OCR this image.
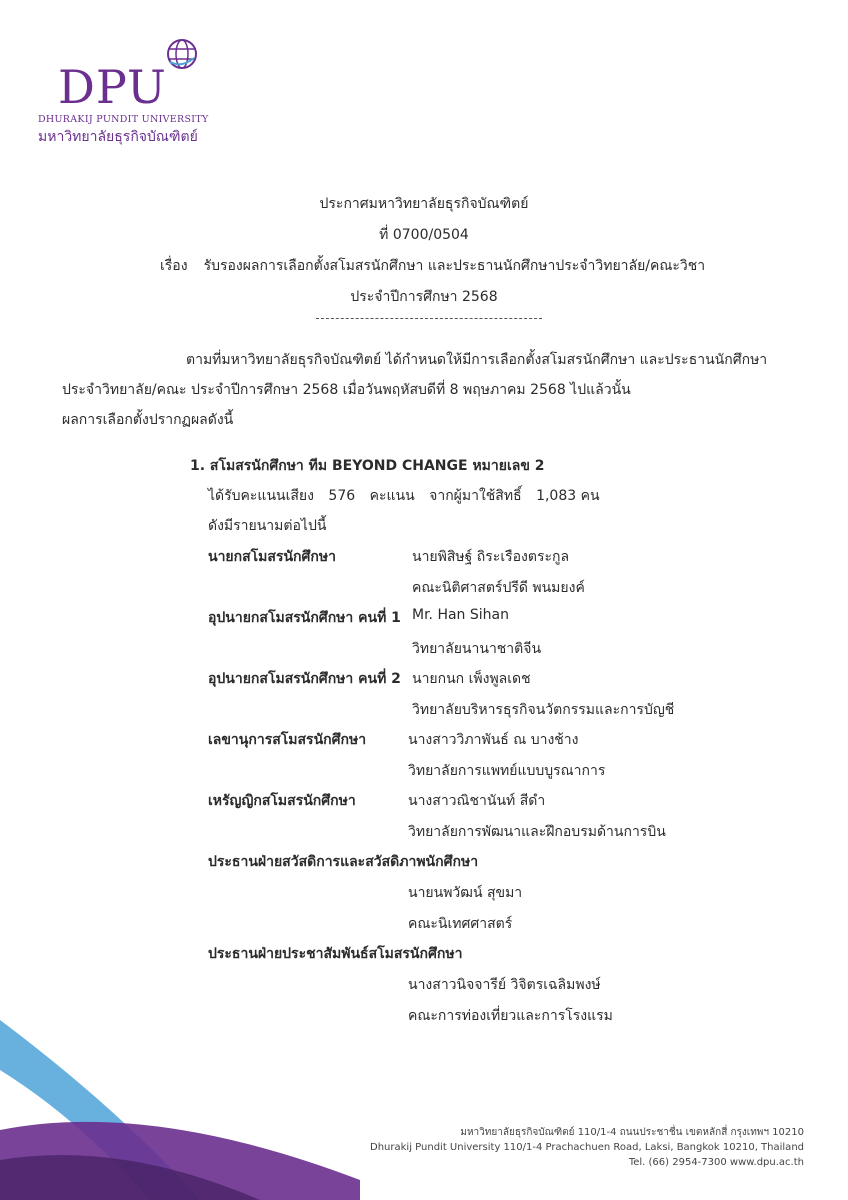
DPU
DHURAKIJ PUNDIT UNIVERSITY
มหาวิทยาลัยธุรกิจบัณฑิตย์
ประกาศมหาวิทยาลัยธุรกิจบัณฑิตย์
ที่ 0700/0504
เรื่อง รับรองผลการเลือกตั้งสโมสรนักศึกษา และประธานนักศึกษาประจำวิทยาลัย/คณะวิชา
ประจำปีการศึกษา 2568
ตามที่มหาวิทยาลัยธุรกิจบัณฑิตย์ ได้กำหนดให้มีการเลือกตั้งสโมสรนักศึกษา และประธานนักศึกษา
ประจำวิทยาลัย/คณะ ประจำปีการศึกษา 2568 เมื่อวันพฤหัสบดีที่ 8 พฤษภาคม 2568 ไปแล้วนั้น
ผลการเลือกตั้งปรากฏผลดังนี้
1. สโมสรนักศึกษา ทีม BEYOND CHANGE หมายเลข 2
ได้รับคะแนนเสียง 576 คะแนน จากผู้มาใช้สิทธิ์ 1,083 คน
ดังมีรายนามต่อไปนี้
นายกสโมสรนักศึกษา	นายพิสิษฐ์ ถิระเรืองตระกูล
คณะนิติศาสตร์ปรีดี พนมยงค์
อุปนายกสโมสรนักศึกษา คนที่ 1 Mr. Han Sihan
วิทยาลัยนานาชาติจีน
อุปนายกสโมสรนักศึกษา คนที่ 2 นายกนก เพ็งพูลเดช
วิทยาลัยบริหารธุรกิจนวัตกรรมและการบัญชี
เลขานุการสโมสรนักศึกษา	นางสาววิภาพันธ์ ณ บางช้าง
วิทยาลัยการแพทย์แบบบูรณาการ
เหรัญญิกสโมสรนักศึกษา	นางสาวณิชานันท์ สีดำ
วิทยาลัยการพัฒนาและฝึกอบรมด้านการบิน
ประธานฝ่ายสวัสดิการและสวัสดิภาพนักศึกษา
นายนพวัฒน์ สุขมา
คณะนิเทศศาสตร์
ประธานฝ่ายประชาสัมพันธ์สโมสรนักศึกษา
นางสาวนิจจารีย์ วิจิตรเฉลิมพงษ์
คณะการท่องเที่ยวและการโรงแรม
มหาวิทยาลัยธุรกิจบัณฑิตย์ 110/1-4 ถนนประชาชื่น เขตหลักสี่ กรุงเทพฯ 10210
Dhurakij Pundit University 110/1-4 Prachachuen Road, Laksi, Bangkok 10210, Thailand
Tel. (66) 2954-7300 www.dpu.ac.th
